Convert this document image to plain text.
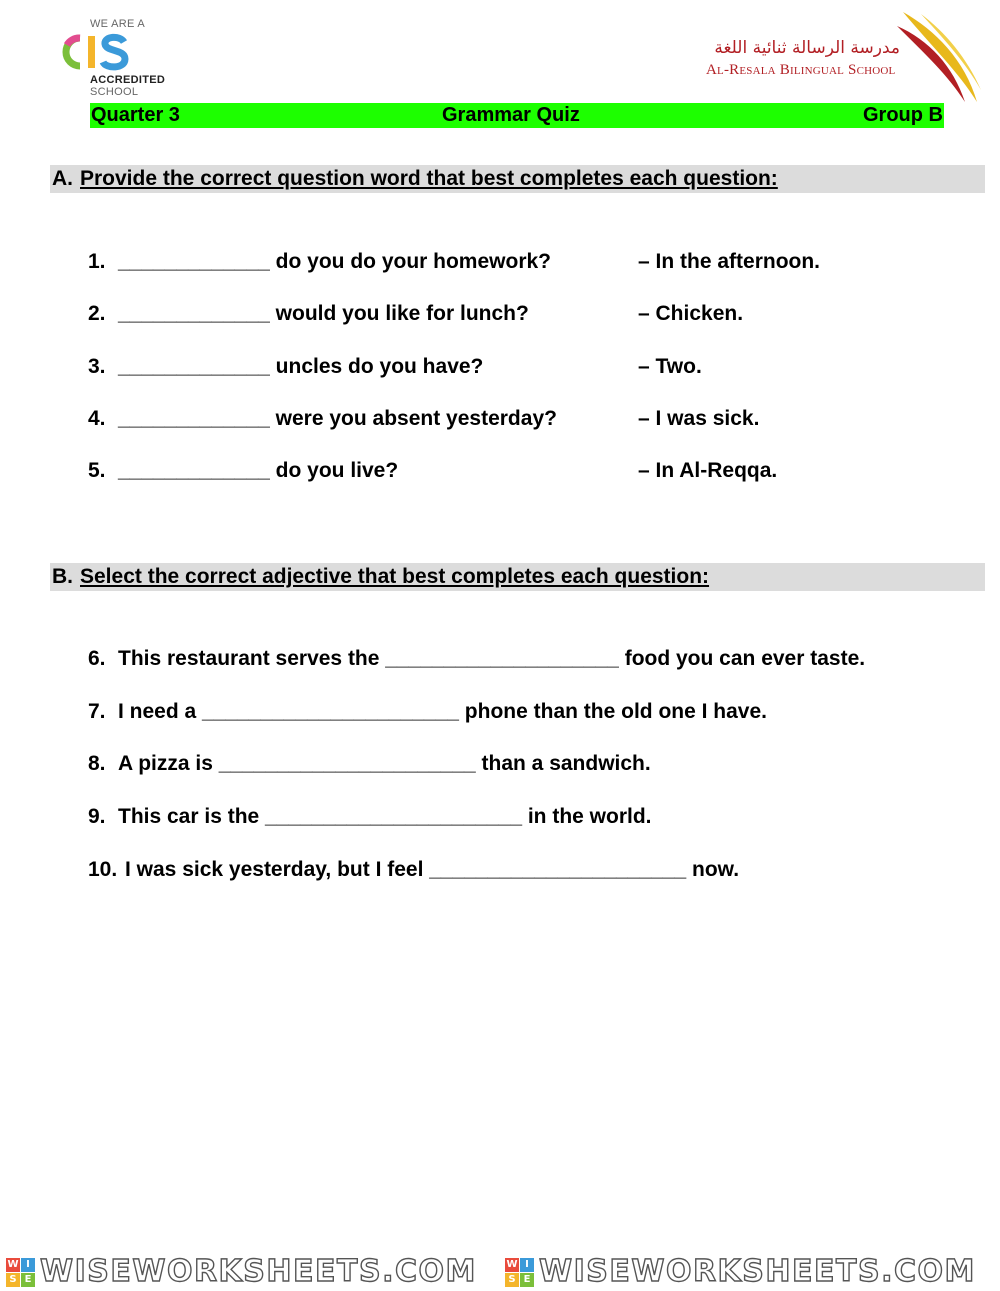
WE ARE A
ACCREDITED
SCHOOL
مدرسة الرسالة ثنائية اللغة
Al-Resala Bilingual School
Quarter 3	Grammar Quiz	Group B
A. Provide the correct question word that best completes each question:
1. _____________ do you do your homework?	– In the afternoon.
2. _____________ would you like for lunch?	– Chicken.
3. _____________ uncles do you have?	– Two.
4. _____________ were you absent yesterday?	– I was sick.
5. _____________ do you live?	– In Al-Reqqa.
B. Select the correct adjective that best completes each question:
6. This restaurant serves the ____________________ food you can ever taste.
7. I need a ______________________ phone than the old one I have.
8. A pizza is ______________________ than a sandwich.
9. This car is the ______________________ in the world.
10. I was sick yesterday, but I feel ______________________ now.
W I
S E WISEWORKSHEETS.COM	W I
S E WISEWORKSHEETS.COM
